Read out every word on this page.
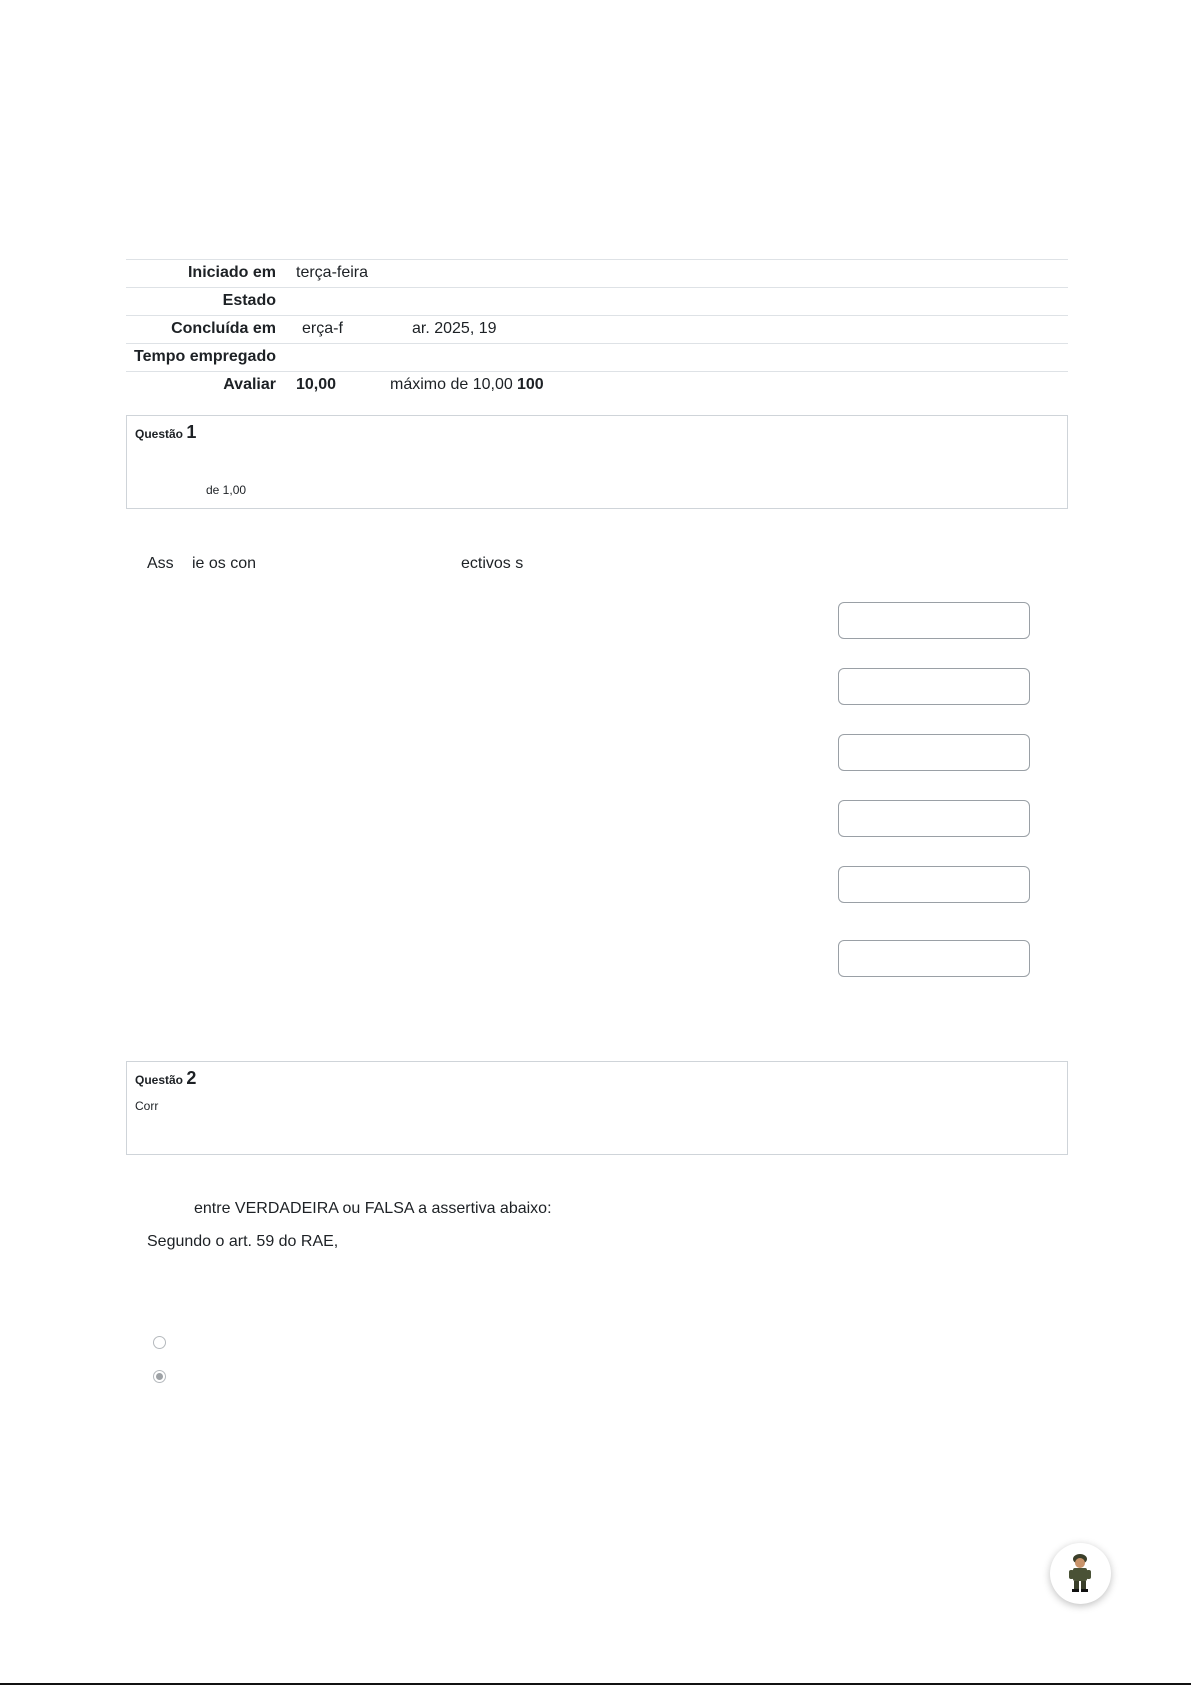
Iniciado em terça-feira
Estado
Concluída em erça-f	ar. 2025, 19
Tempo empregado
Avaliar 10,00	máximo de 10,00 100
Questão 1
de 1,00
Ass ie os con	ectivos s
Questão 2
Corr
entre VERDADEIRA ou FALSA a assertiva abaixo:
Segundo o art. 59 do RAE,
